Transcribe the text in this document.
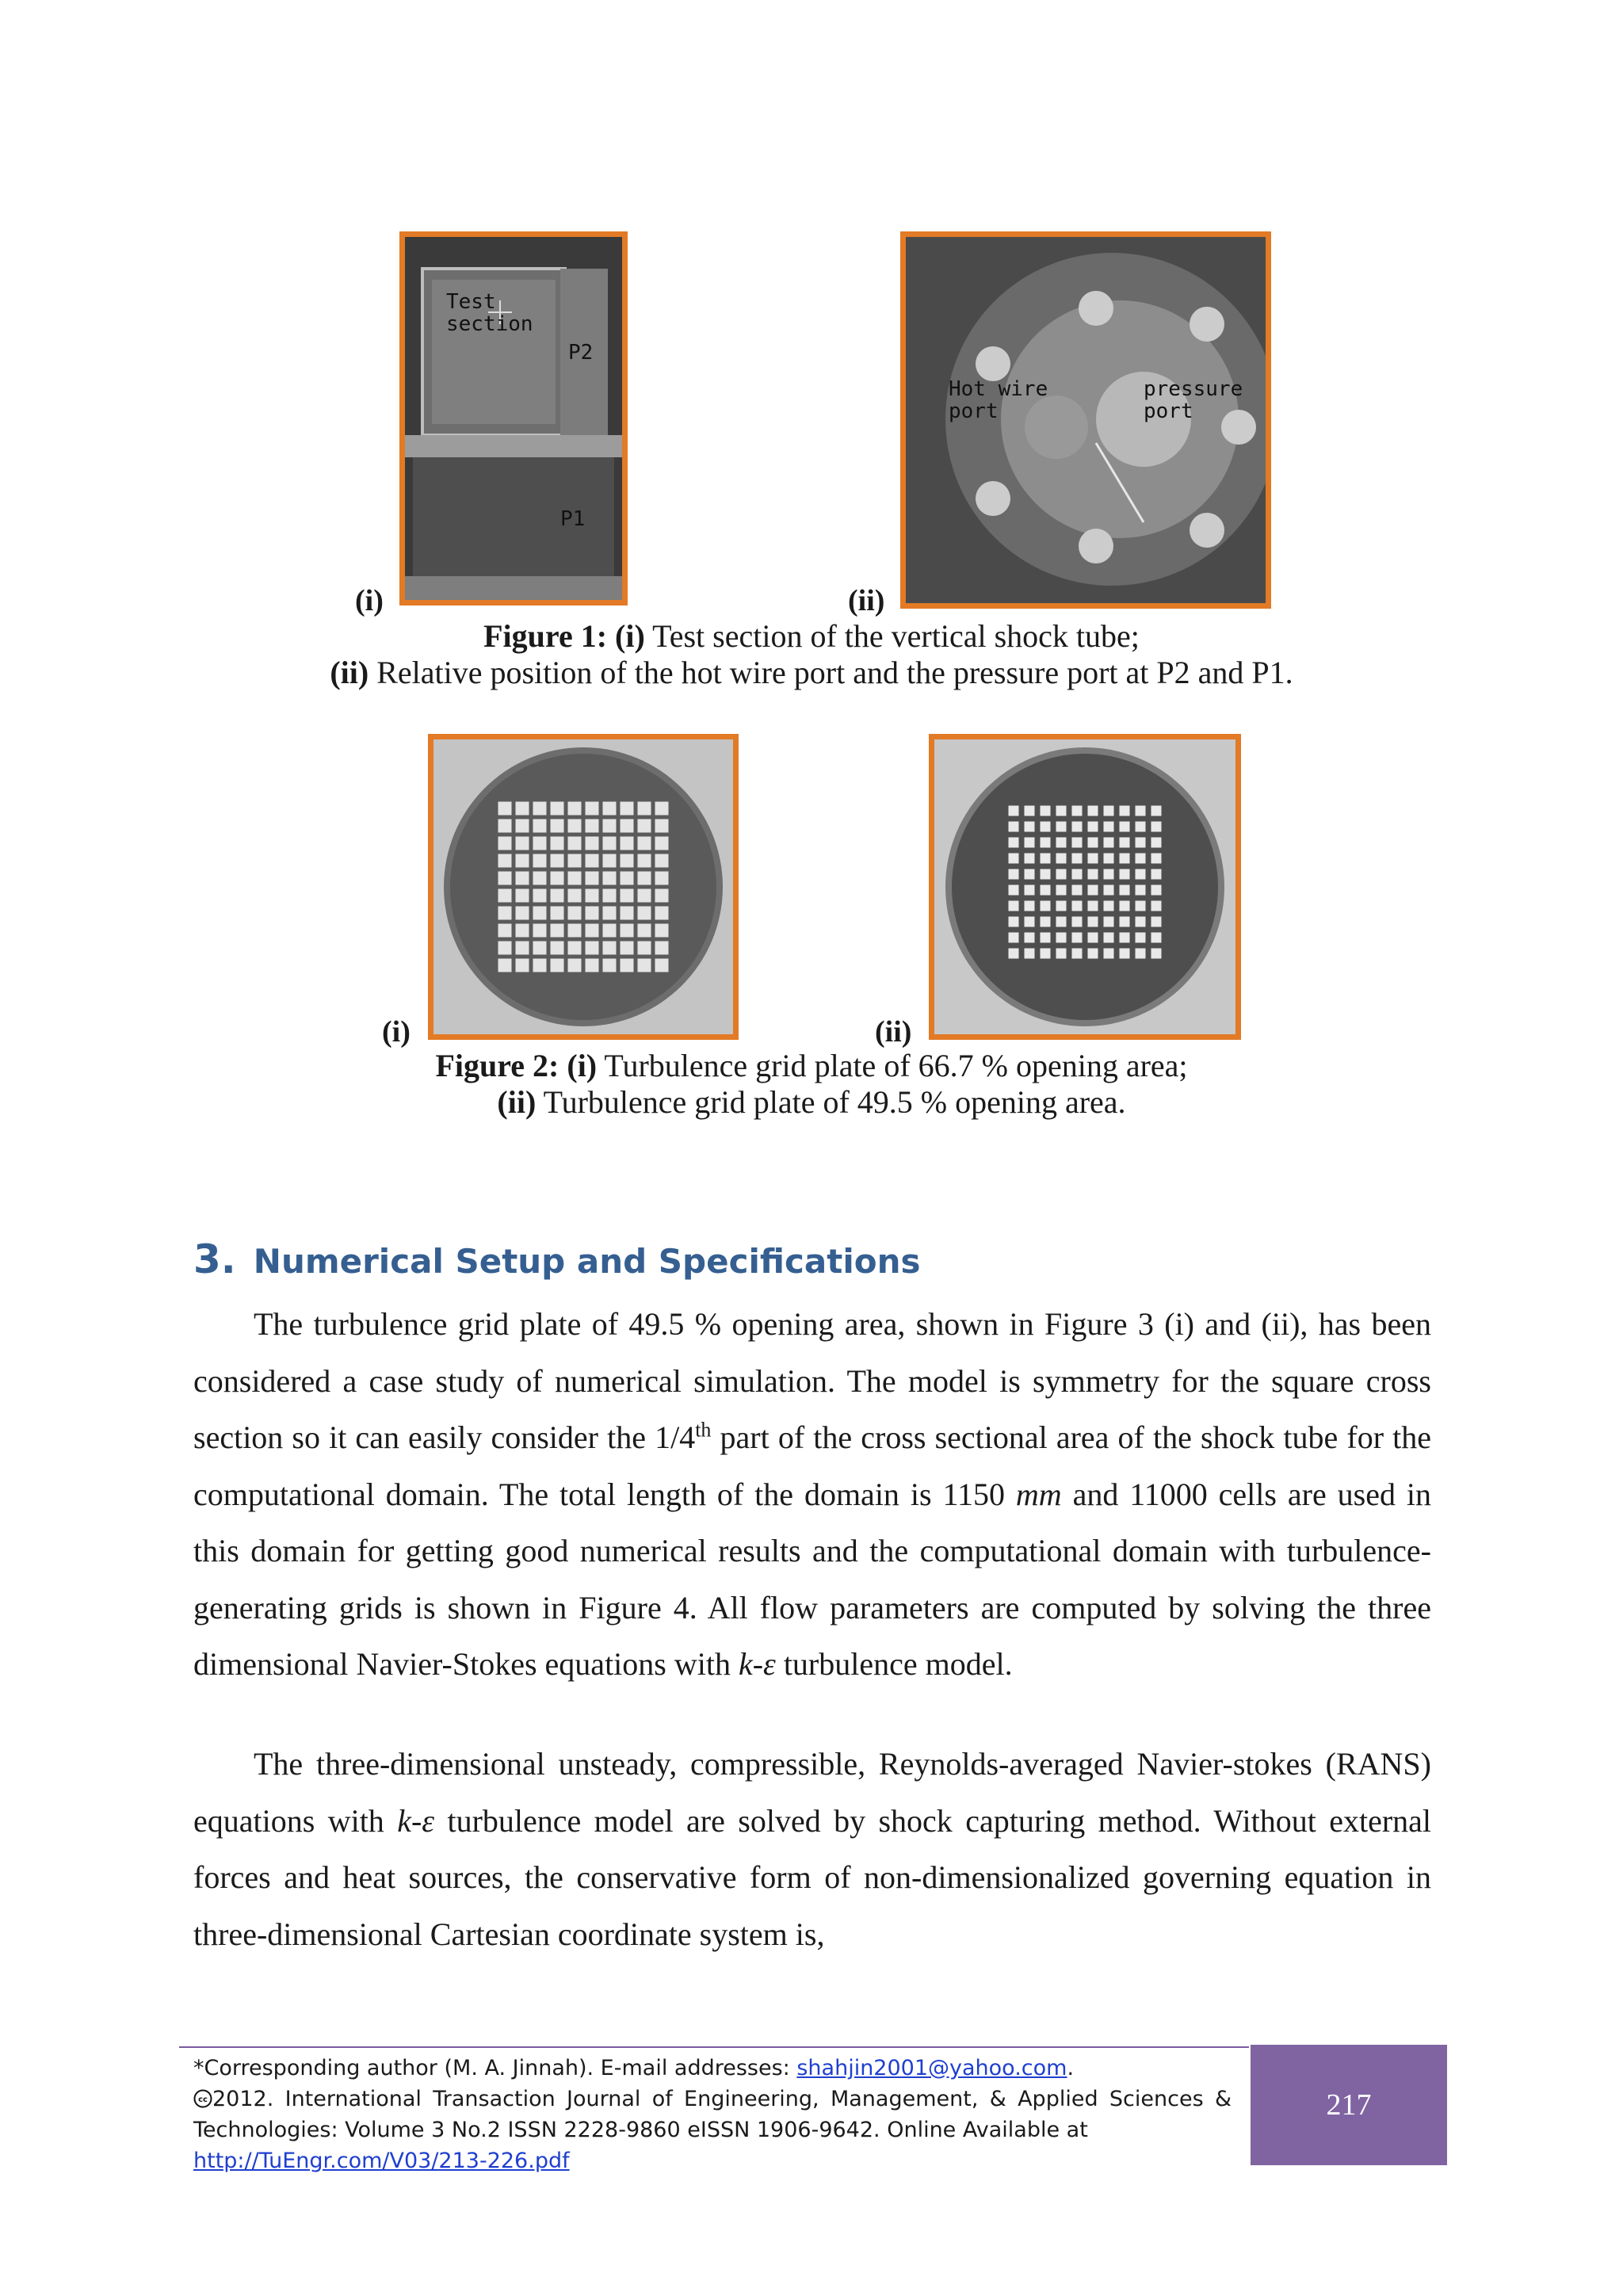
Test section
P2
P1
(i)
Hot wire port
pressure port
(ii)
Figure 1: (i) Test section of the vertical shock tube;
(ii) Relative position of the hot wire port and the pressure port at P2 and P1.
(i)	(ii)
Figure 2: (i) Turbulence grid plate of 66.7 % opening area;
(ii) Turbulence grid plate of 49.5 % opening area.
3. Numerical Setup and Specifications

The turbulence grid plate of 49.5 % opening area, shown in Figure 3 (i) and (ii), has been considered a case study of numerical simulation. The model is symmetry for the square cross section so it can easily consider the 1/4th part of the cross sectional area of the shock tube for the computational domain. The total length of the domain is 1150 mm and 11000 cells are used in this domain for getting good numerical results and the computational domain with turbulence-generating grids is shown in Figure 4. All flow parameters are computed by solving the three dimensional Navier-Stokes equations with k-ε turbulence model.

The three-dimensional unsteady, compressible, Reynolds-averaged Navier-stokes (RANS) equations with k-ε turbulence model are solved by shock capturing method. Without external forces and heat sources, the conservative form of non-dimensionalized governing equation in three-dimensional Cartesian coordinate system is,

*Corresponding author (M. A. Jinnah). E-mail addresses: shahjin2001@yahoo.com.

cc 2012. International Transaction Journal of Engineering, Management, & Applied Sciences & Technologies: Volume 3 No.2 ISSN 2228-9860 eISSN 1906-9642. Online Available at
http://TuEngr.com/V03/213-226.pdf
217
